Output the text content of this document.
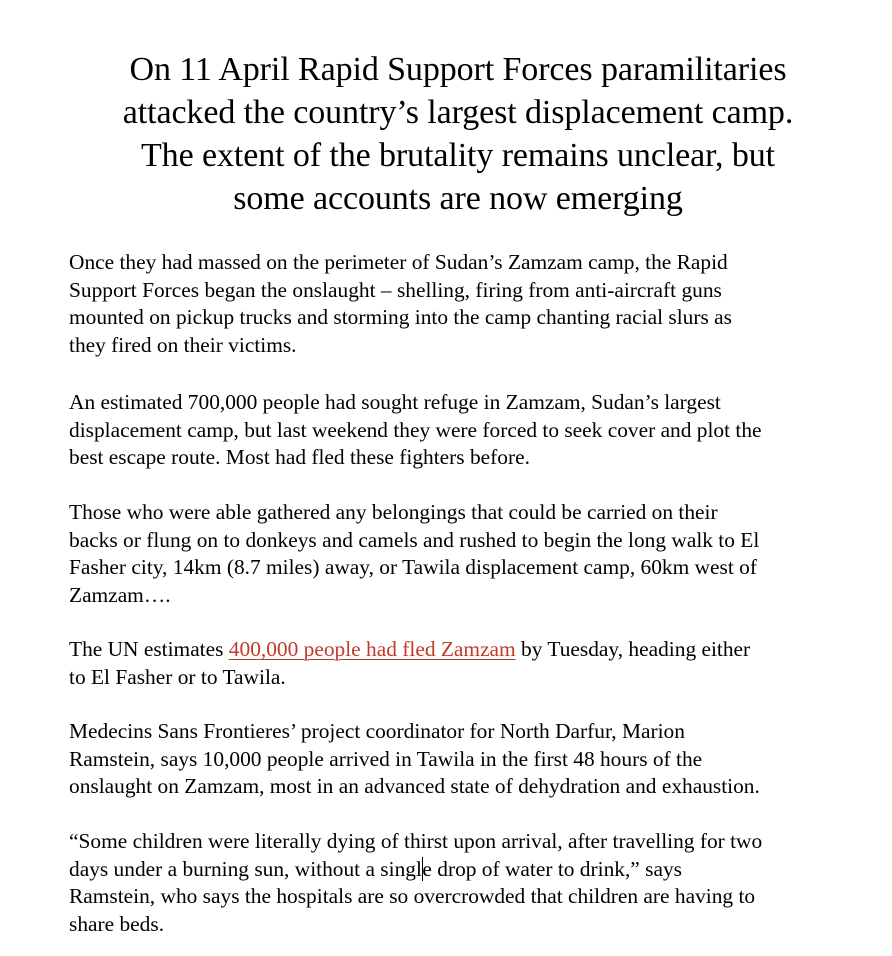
On 11 April Rapid Support Forces paramilitaries
attacked the country’s largest displacement camp.
The extent of the brutality remains unclear, but
some accounts are now emerging

Once they had massed on the perimeter of Sudan’s Zamzam camp, the Rapid
Support Forces began the onslaught – shelling, firing from anti-aircraft guns
mounted on pickup trucks and storming into the camp chanting racial slurs as
they fired on their victims.

An estimated 700,000 people had sought refuge in Zamzam, Sudan’s largest
displacement camp, but last weekend they were forced to seek cover and plot the
best escape route. Most had fled these fighters before.

Those who were able gathered any belongings that could be carried on their
backs or flung on to donkeys and camels and rushed to begin the long walk to El
Fasher city, 14km (8.7 miles) away, or Tawila displacement camp, 60km west of
Zamzam….

The UN estimates 400,000 people had fled Zamzam by Tuesday, heading either
to El Fasher or to Tawila.

Medecins Sans Frontieres’ project coordinator for North Darfur, Marion
Ramstein, says 10,000 people arrived in Tawila in the first 48 hours of the
onslaught on Zamzam, most in an advanced state of dehydration and exhaustion.

“Some children were literally dying of thirst upon arrival, after travelling for two
days under a burning sun, without a single drop of water to drink,” says
Ramstein, who says the hospitals are so overcrowded that children are having to
share beds.
